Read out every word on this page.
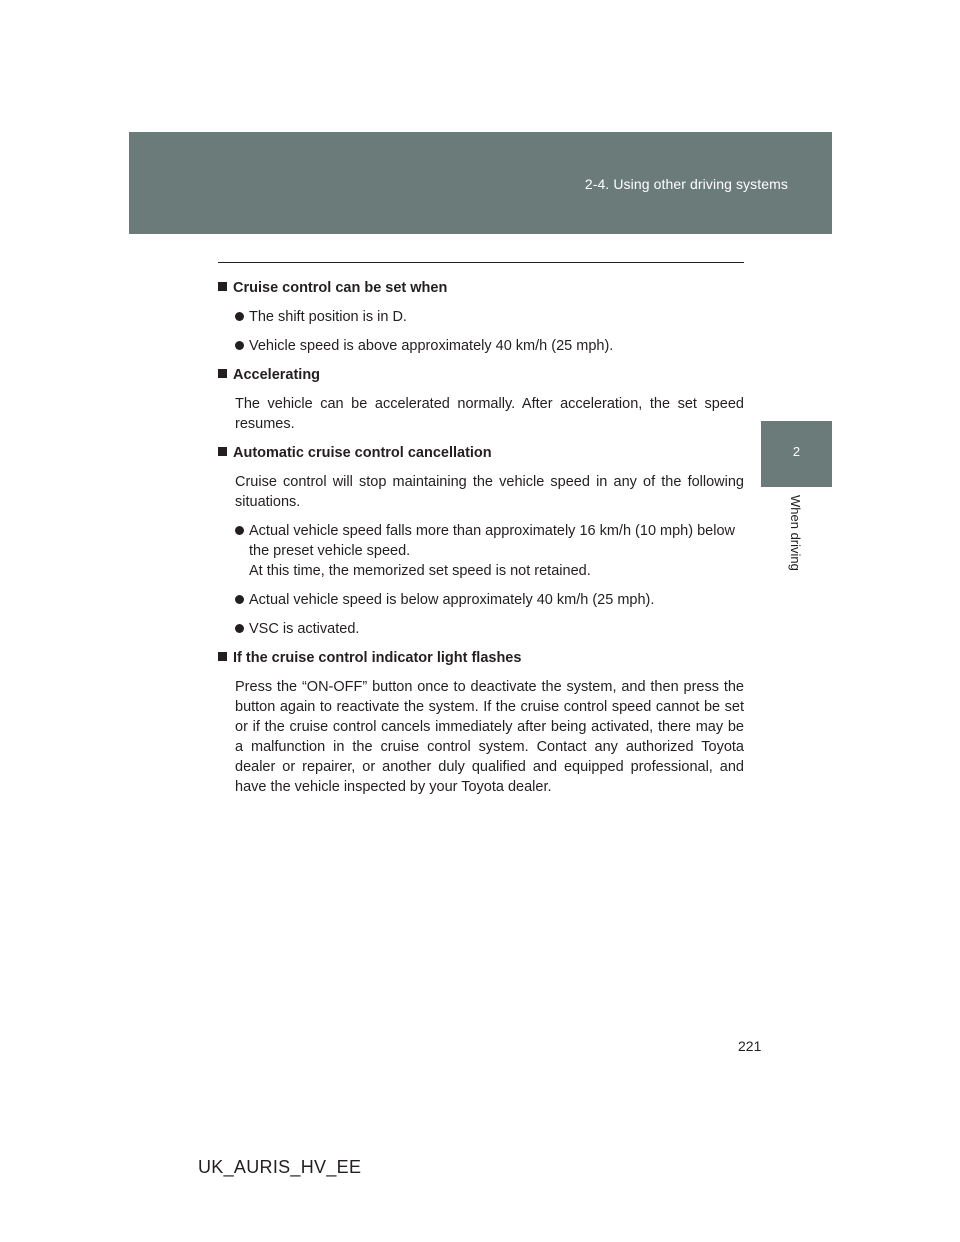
2-4. Using other driving systems
2
When driving
Cruise control can be set when
The shift position is in D.
Vehicle speed is above approximately 40 km/h (25 mph).
Accelerating
The vehicle can be accelerated normally. After acceleration, the set speed resumes.
Automatic cruise control cancellation
Cruise control will stop maintaining the vehicle speed in any of the following situations.
Actual vehicle speed falls more than approximately 16 km/h (10 mph) below the preset vehicle speed.
At this time, the memorized set speed is not retained.
Actual vehicle speed is below approximately 40 km/h (25 mph).
VSC is activated.
If the cruise control indicator light flashes
Press the “ON-OFF” button once to deactivate the system, and then press the button again to reactivate the system. If the cruise control speed cannot be set or if the cruise control cancels immediately after being activated, there may be a malfunction in the cruise control system. Contact any authorized Toyota dealer or repairer, or another duly qualified and equipped professional, and have the vehicle inspected by your Toyota dealer.
221
UK_AURIS_HV_EE
